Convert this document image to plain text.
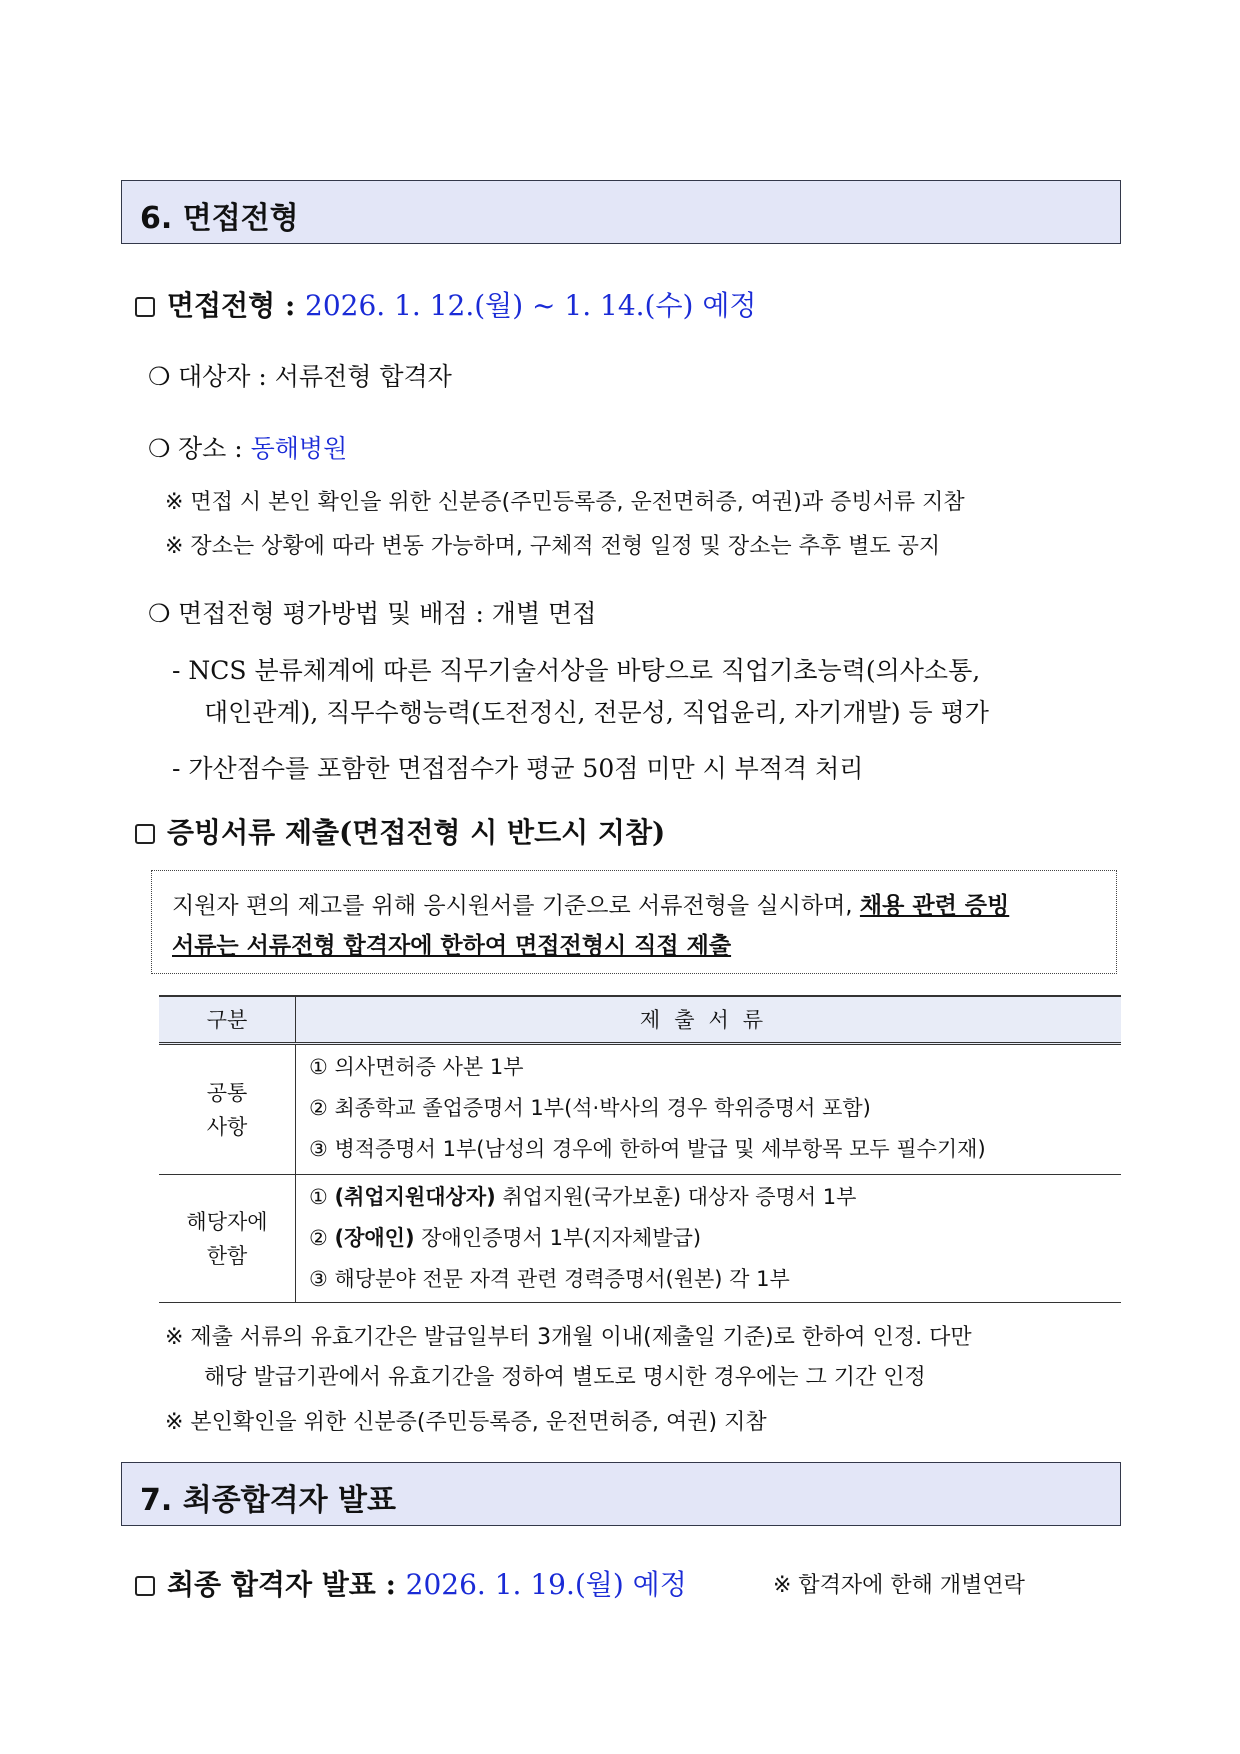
6. 면접전형
면접전형 : 2026. 1. 12.(월) ~ 1. 14.(수) 예정
❍ 대상자 : 서류전형 합격자
❍ 장소 : 동해병원
※ 면접 시 본인 확인을 위한 신분증(주민등록증, 운전면허증, 여권)과 증빙서류 지참
※ 장소는 상황에 따라 변동 가능하며, 구체적 전형 일정 및 장소는 추후 별도 공지
❍ 면접전형 평가방법 및 배점 : 개별 면접
- NCS 분류체계에 따른 직무기술서상을 바탕으로 직업기초능력(의사소통,
대인관계), 직무수행능력(도전정신, 전문성, 직업윤리, 자기개발) 등 평가
- 가산점수를 포함한 면접점수가 평균 50점 미만 시 부적격 처리
증빙서류 제출(면접전형 시 반드시 지참)
지원자 편의 제고를 위해 응시원서를 기준으로 서류전형을 실시하며, 채용 관련 증빙
서류는 서류전형 합격자에 한하여 면접전형시 직접 제출
구분	제출서류
공통
사항
① 의사면허증 사본 1부
② 최종학교 졸업증명서 1부(석·박사의 경우 학위증명서 포함)
③ 병적증명서 1부(남성의 경우에 한하여 발급 및 세부항목 모두 필수기재)
해당자에
한함
① (취업지원대상자) 취업지원(국가보훈) 대상자 증명서 1부
② (장애인) 장애인증명서 1부(지자체발급)
③ 해당분야 전문 자격 관련 경력증명서(원본) 각 1부
※ 제출 서류의 유효기간은 발급일부터 3개월 이내(제출일 기준)로 한하여 인정. 다만
해당 발급기관에서 유효기간을 정하여 별도로 명시한 경우에는 그 기간 인정
※ 본인확인을 위한 신분증(주민등록증, 운전면허증, 여권) 지참
7. 최종합격자 발표
최종 합격자 발표 : 2026. 1. 19.(월) 예정	※ 합격자에 한해 개별연락
